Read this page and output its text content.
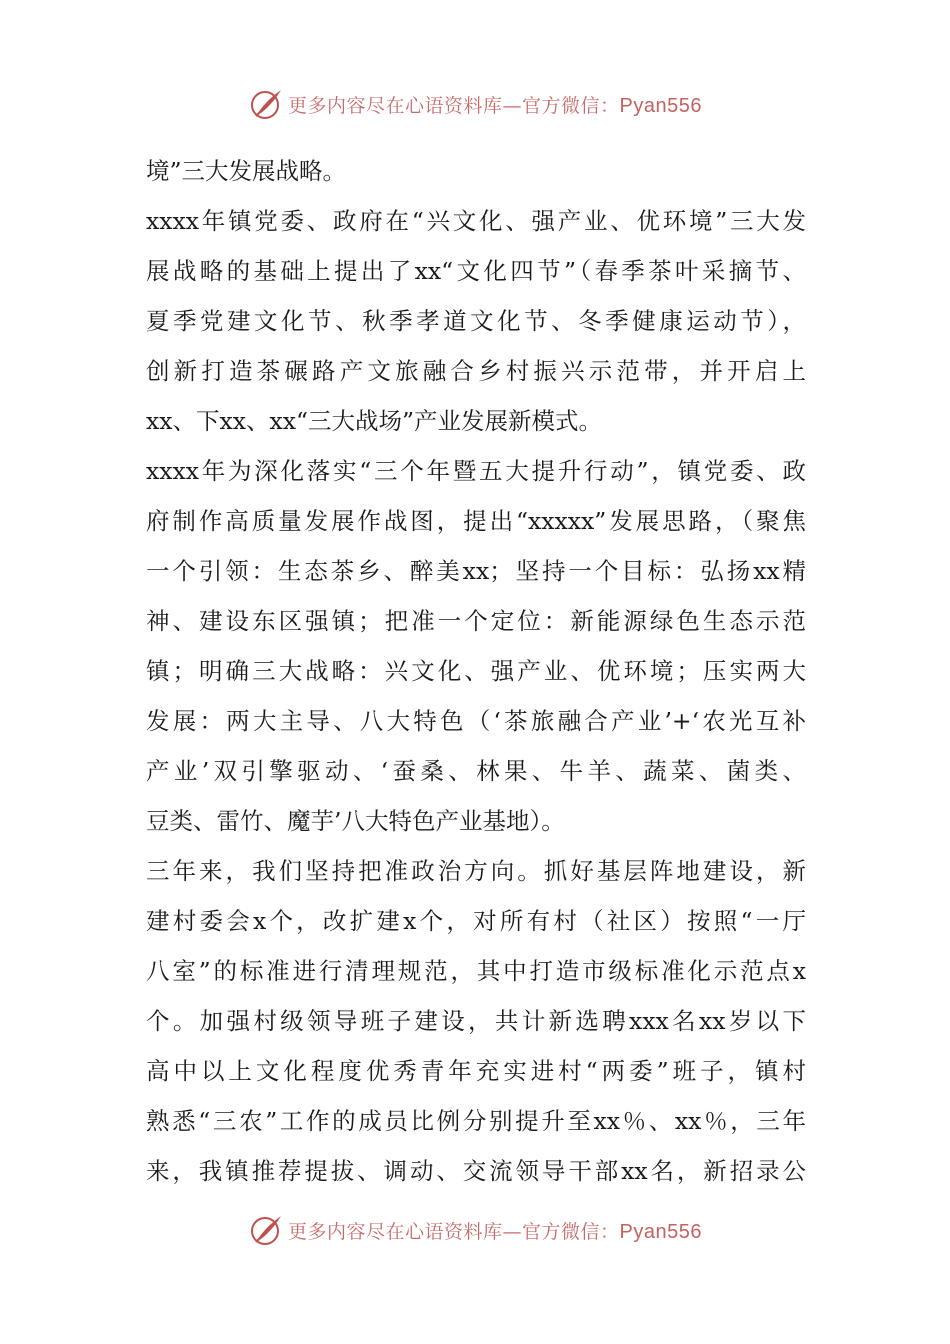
更多内容尽在心语资料库—官方微信：Pyan556
境”三大发展战略。
xxxx年镇党委、政府在“兴文化、强产业、优环境”三大发
展战略的基础上提出了xx“文化四节”（春季茶叶采摘节、
夏季党建文化节、秋季孝道文化节、冬季健康运动节），
创新打造茶碾路产文旅融合乡村振兴示范带，并开启上
xx、下xx、xx“三大战场”产业发展新模式。
xxxx年为深化落实“三个年暨五大提升行动”，镇党委、政
府制作高质量发展作战图，提出“xxxxx”发展思路，（聚焦
一个引领：生态茶乡、醉美xx；坚持一个目标：弘扬xx精
神、建设东区强镇；把准一个定位：新能源绿色生态示范
镇；明确三大战略：兴文化、强产业、优环境；压实两大
发展：两大主导、八大特色（‘茶旅融合产业’+‘农光互补
产业’双引擎驱动、‘蚕桑、林果、牛羊、蔬菜、菌类、
豆类、雷竹、魔芋’八大特色产业基地）。
三年来，我们坚持把准政治方向。抓好基层阵地建设，新
建村委会x个，改扩建x个，对所有村（社区）按照“一厅
八室”的标准进行清理规范，其中打造市级标准化示范点x
个。加强村级领导班子建设，共计新选聘xxx名xx岁以下
高中以上文化程度优秀青年充实进村“两委”班子，镇村
熟悉“三农”工作的成员比例分别提升至xx％、xx％，三年
来，我镇推荐提拔、调动、交流领导干部xx名，新招录公
更多内容尽在心语资料库—官方微信：Pyan556
